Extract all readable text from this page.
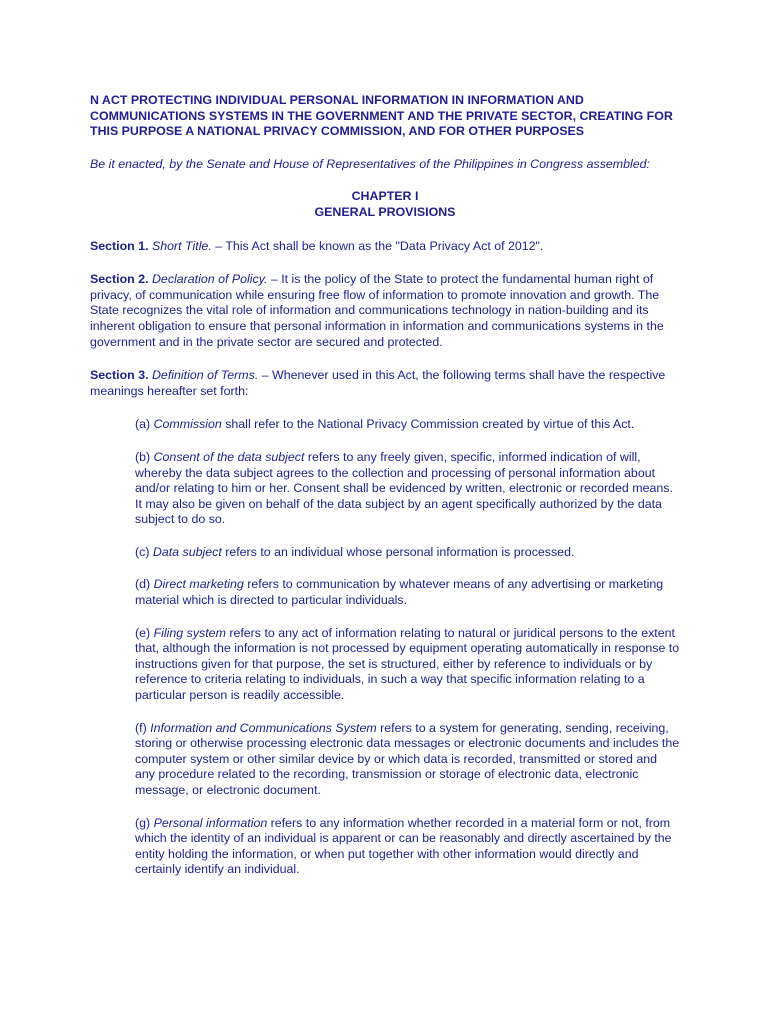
N ACT PROTECTING INDIVIDUAL PERSONAL INFORMATION IN INFORMATION AND COMMUNICATIONS SYSTEMS IN THE GOVERNMENT AND THE PRIVATE SECTOR, CREATING FOR THIS PURPOSE A NATIONAL PRIVACY COMMISSION, AND FOR OTHER PURPOSES

Be it enacted, by the Senate and House of Representatives of the Philippines in Congress assembled:

CHAPTER I
GENERAL PROVISIONS

Section 1. Short Title. – This Act shall be known as the "Data Privacy Act of 2012".

Section 2. Declaration of Policy. – It is the policy of the State to protect the fundamental human right of privacy, of communication while ensuring free flow of information to promote innovation and growth. The State recognizes the vital role of information and communications technology in nation-building and its inherent obligation to ensure that personal information in information and communications systems in the government and in the private sector are secured and protected.

Section 3. Definition of Terms. – Whenever used in this Act, the following terms shall have the respective meanings hereafter set forth:

(a) Commission shall refer to the National Privacy Commission created by virtue of this Act.

(b) Consent of the data subject refers to any freely given, specific, informed indication of will, whereby the data subject agrees to the collection and processing of personal information about and/or relating to him or her. Consent shall be evidenced by written, electronic or recorded means. It may also be given on behalf of the data subject by an agent specifically authorized by the data subject to do so.

(c) Data subject refers to an individual whose personal information is processed.

(d) Direct marketing refers to communication by whatever means of any advertising or marketing material which is directed to particular individuals.

(e) Filing system refers to any act of information relating to natural or juridical persons to the extent that, although the information is not processed by equipment operating automatically in response to instructions given for that purpose, the set is structured, either by reference to individuals or by reference to criteria relating to individuals, in such a way that specific information relating to a particular person is readily accessible.

(f) Information and Communications System refers to a system for generating, sending, receiving, storing or otherwise processing electronic data messages or electronic documents and includes the computer system or other similar device by or which data is recorded, transmitted or stored and any procedure related to the recording, transmission or storage of electronic data, electronic message, or electronic document.

(g) Personal information refers to any information whether recorded in a material form or not, from which the identity of an individual is apparent or can be reasonably and directly ascertained by the entity holding the information, or when put together with other information would directly and certainly identify an individual.
